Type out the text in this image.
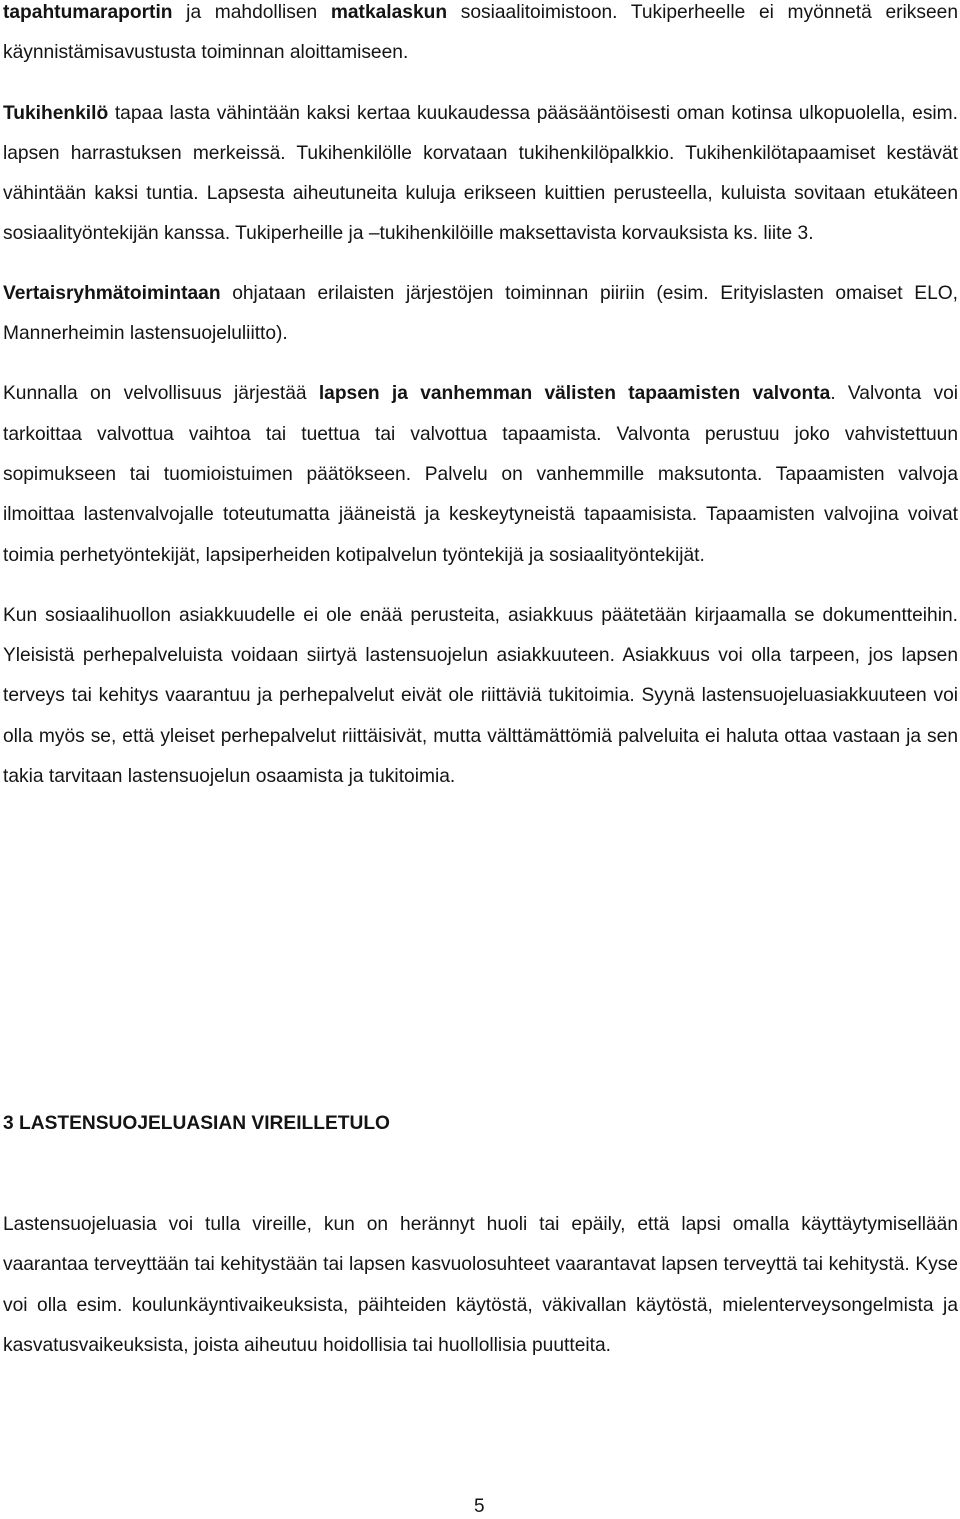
tapahtumaraportin ja mahdollisen matkalaskun sosiaalitoimistoon. Tukiperheelle ei myönnetä erikseen käynnistämisavustusta toiminnan aloittamiseen.

Tukihenkilö tapaa lasta vähintään kaksi kertaa kuukaudessa pääsääntöisesti oman kotinsa ulkopuolella, esim. lapsen harrastuksen merkeissä. Tukihenkilölle korvataan tukihenkilöpalkkio. Tukihenkilötapaamiset kestävät vähintään kaksi tuntia. Lapsesta aiheutuneita kuluja erikseen kuittien perusteella, kuluista sovitaan etukäteen sosiaalityöntekijän kanssa. Tukiperheille ja –tukihenkilöille maksettavista korvauksista ks. liite 3.

Vertaisryhmätoimintaan ohjataan erilaisten järjestöjen toiminnan piiriin (esim. Erityislasten omaiset ELO, Mannerheimin lastensuojeluliitto).

Kunnalla on velvollisuus järjestää lapsen ja vanhemman välisten tapaamisten valvonta. Valvonta voi tarkoittaa valvottua vaihtoa tai tuettua tai valvottua tapaamista. Valvonta perustuu joko vahvistettuun sopimukseen tai tuomioistuimen päätökseen. Palvelu on vanhemmille maksutonta. Tapaamisten valvoja ilmoittaa lastenvalvojalle toteutumatta jääneistä ja keskeytyneistä tapaamisista. Tapaamisten valvojina voivat toimia perhetyöntekijät, lapsiperheiden kotipalvelun työntekijä ja sosiaalityöntekijät.

Kun sosiaalihuollon asiakkuudelle ei ole enää perusteita, asiakkuus päätetään kirjaamalla se dokumentteihin. Yleisistä perhepalveluista voidaan siirtyä lastensuojelun asiakkuuteen. Asiakkuus voi olla tarpeen, jos lapsen terveys tai kehitys vaarantuu ja perhepalvelut eivät ole riittäviä tukitoimia. Syynä lastensuojeluasiakkuuteen voi olla myös se, että yleiset perhepalvelut riittäisivät, mutta välttämättömiä palveluita ei haluta ottaa vastaan ja sen takia tarvitaan lastensuojelun osaamista ja tukitoimia.

3 LASTENSUOJELUASIAN VIREILLETULO

Lastensuojeluasia voi tulla vireille, kun on herännyt huoli tai epäily, että lapsi omalla käyttäytymisellään vaarantaa terveyttään tai kehitystään tai lapsen kasvuolosuhteet vaarantavat lapsen terveyttä tai kehitystä. Kyse voi olla esim. koulunkäyntivaikeuksista, päihteiden käytöstä, väkivallan käytöstä, mielenterveysongelmista ja kasvatusvaikeuksista, joista aiheutuu hoidollisia tai huollollisia puutteita.

5
